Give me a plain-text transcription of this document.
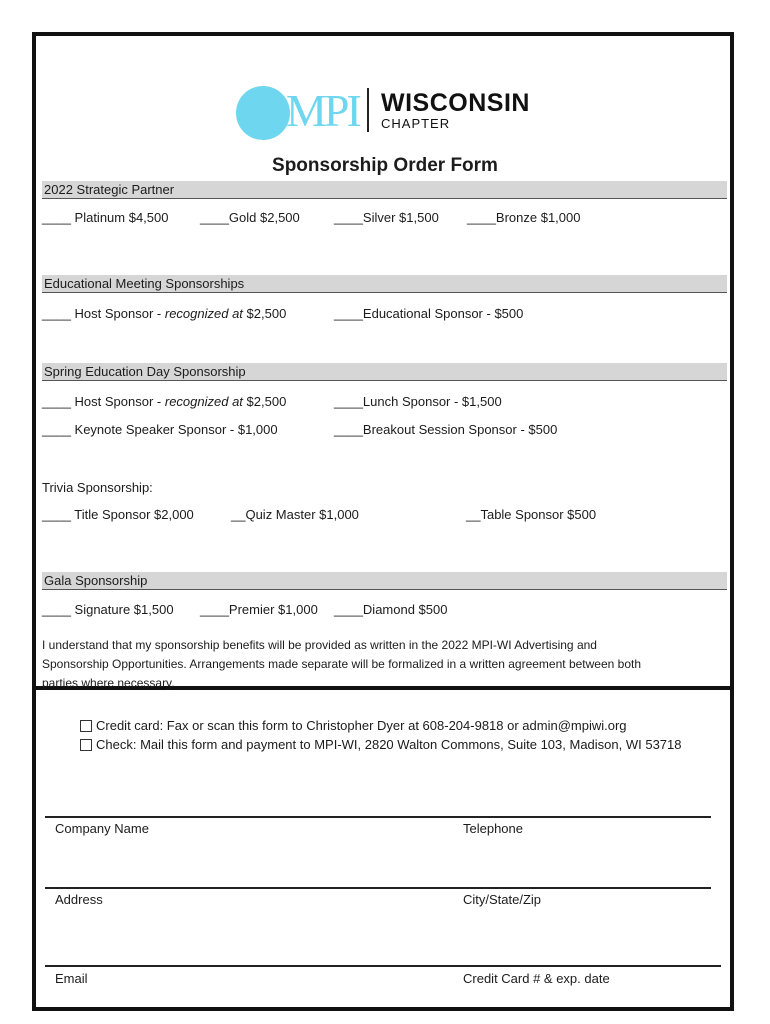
MPI WISCONSIN
CHAPTER
Sponsorship Order Form
2022 Strategic Partner
____ Platinum $4,500 ____Gold $2,500	____Silver $1,500 ____Bronze $1,000
Educational Meeting Sponsorships
____ Host Sponsor - recognized at $2,500	____Educational Sponsor - $500
Spring Education Day Sponsorship
____ Host Sponsor - recognized at $2,500	____Lunch Sponsor - $1,500
____ Keynote Speaker Sponsor - $1,000	____Breakout Session Sponsor - $500
Trivia Sponsorship:
____ Title Sponsor $2,000	__Quiz Master $1,000	__Table Sponsor $500
Gala Sponsorship
____ Signature $1,500 ____Premier $1,000 ____Diamond $500
I understand that my sponsorship benefits will be provided as written in the 2022 MPI-WI Advertising and
Sponsorship Opportunities. Arrangements made separate will be formalized in a written agreement between both
parties where necessary.
Credit card: Fax or scan this form to Christopher Dyer at 608-204-9818 or admin@mpiwi.org
Check: Mail this form and payment to MPI-WI, 2820 Walton Commons, Suite 103, Madison, WI 53718
Company Name	Telephone
Address	City/State/Zip
Email	Credit Card # & exp. date
